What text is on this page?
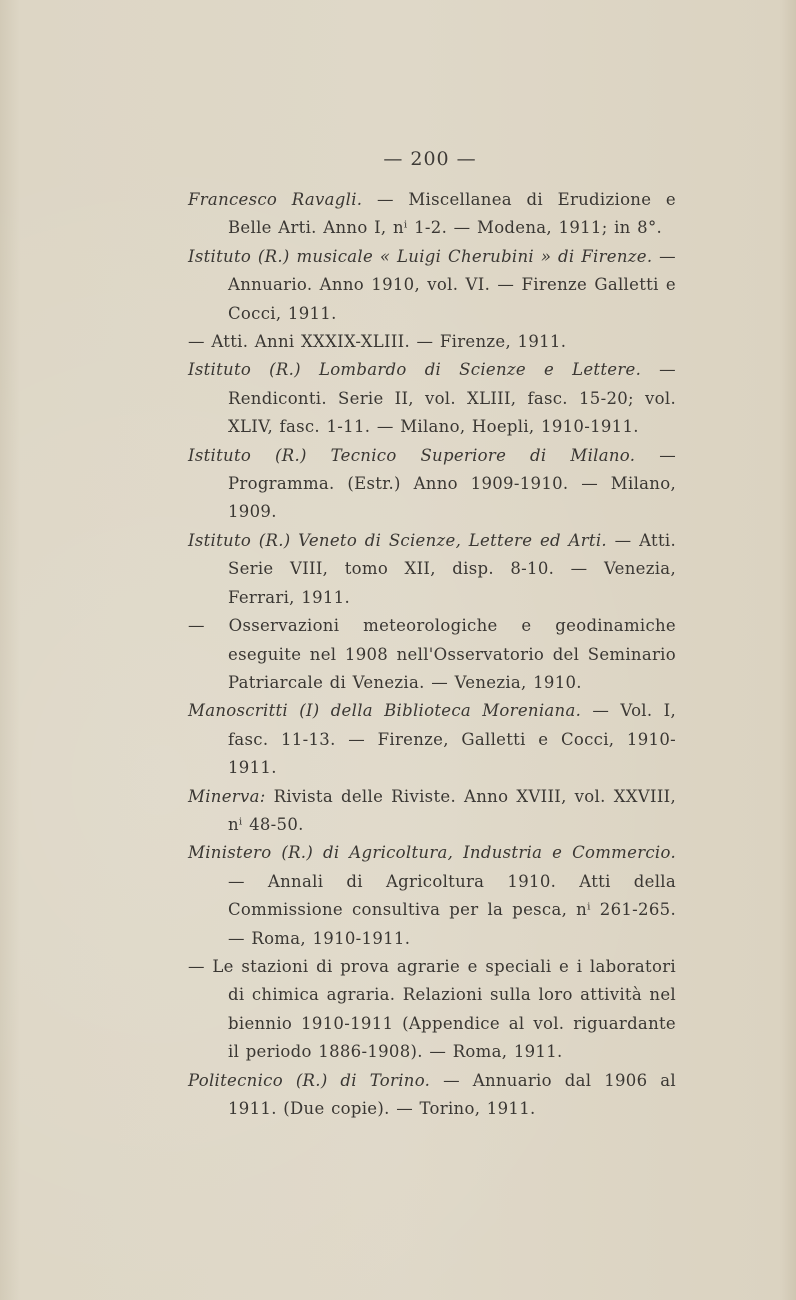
— 200 —

Francesco Ravagli. — Miscellanea di Erudizione e Belle Arti. Anno I, nⁱ 1-2. — Modena, 1911; in 8°.

Istituto (R.) musicale « Luigi Cherubini » di Firenze. — Annuario. Anno 1910, vol. VI. — Firenze Galletti e Cocci, 1911.

— Atti. Anni XXXIX-XLIII. — Firenze, 1911.

Istituto (R.) Lombardo di Scienze e Lettere. — Rendiconti. Serie II, vol. XLIII, fasc. 15-20; vol. XLIV, fasc. 1-11. — Milano, Hoepli, 1910-1911.

Istituto (R.) Tecnico Superiore di Milano. — Programma. (Estr.) Anno 1909-1910. — Milano, 1909.

Istituto (R.) Veneto di Scienze, Lettere ed Arti. — Atti. Serie VIII, tomo XII, disp. 8-10. — Venezia, Ferrari, 1911.

— Osservazioni meteorologiche e geodinamiche eseguite nel 1908 nell'Osservatorio del Seminario Patriarcale di Venezia. — Venezia, 1910.

Manoscritti (I) della Biblioteca Moreniana. — Vol. I, fasc. 11-13. — Firenze, Galletti e Cocci, 1910-1911.

Minerva: Rivista delle Riviste. Anno XVIII, vol. XXVIII, nⁱ 48-50.

Ministero (R.) di Agricoltura, Industria e Commercio. — Annali di Agricoltura 1910. Atti della Commissione consultiva per la pesca, nⁱ 261-265. — Roma, 1910-1911.

— Le stazioni di prova agrarie e speciali e i laboratori di chimica agraria. Relazioni sulla loro attività nel biennio 1910-1911 (Appendice al vol. riguardante il periodo 1886-1908). — Roma, 1911.

Politecnico (R.) di Torino. — Annuario dal 1906 al 1911. (Due copie). — Torino, 1911.
